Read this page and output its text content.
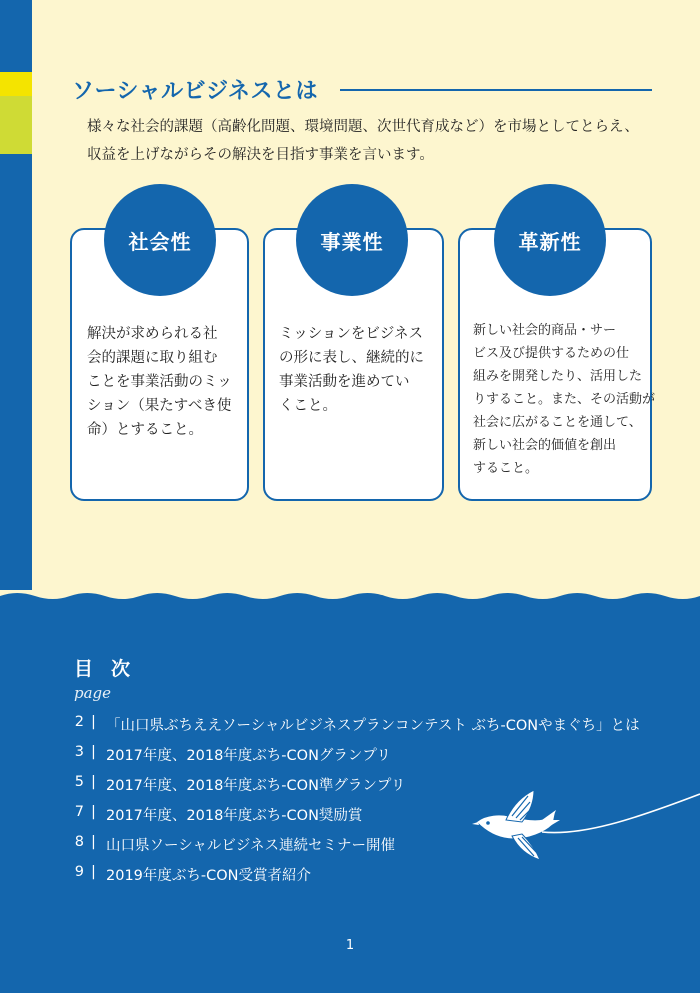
ソーシャルビジネスとは

様々な社会的課題（高齢化問題、環境問題、次世代育成など）を市場としてとらえ、

収益を上げながらその解決を目指す事業を言います。

社会性	事業性	革新性

解決が求められる社

会的課題に取り組む

ことを事業活動のミッ

ション（果たすべき使

命）とすること。

ミッションをビジネス

の形に表し、継続的に

事業活動を進めてい

くこと。

新しい社会的商品・サー

ビス及び提供するための仕

組みを開発したり、活用した

りすること。また、その活動が

社会に広がることを通して、

新しい社会的価値を創出

すること。

目次
page
2 | 「山口県ぶちええソーシャルビジネスプランコンテスト ぶち-CONやまぐち」とは
3 | 2017年度、2018年度ぶち-CONグランプリ
5 | 2017年度、2018年度ぶち-CON準グランプリ
7 | 2017年度、2018年度ぶち-CON奨励賞
8 | 山口県ソーシャルビジネス連続セミナー開催
9 | 2019年度ぶち-CON受賞者紹介
1
